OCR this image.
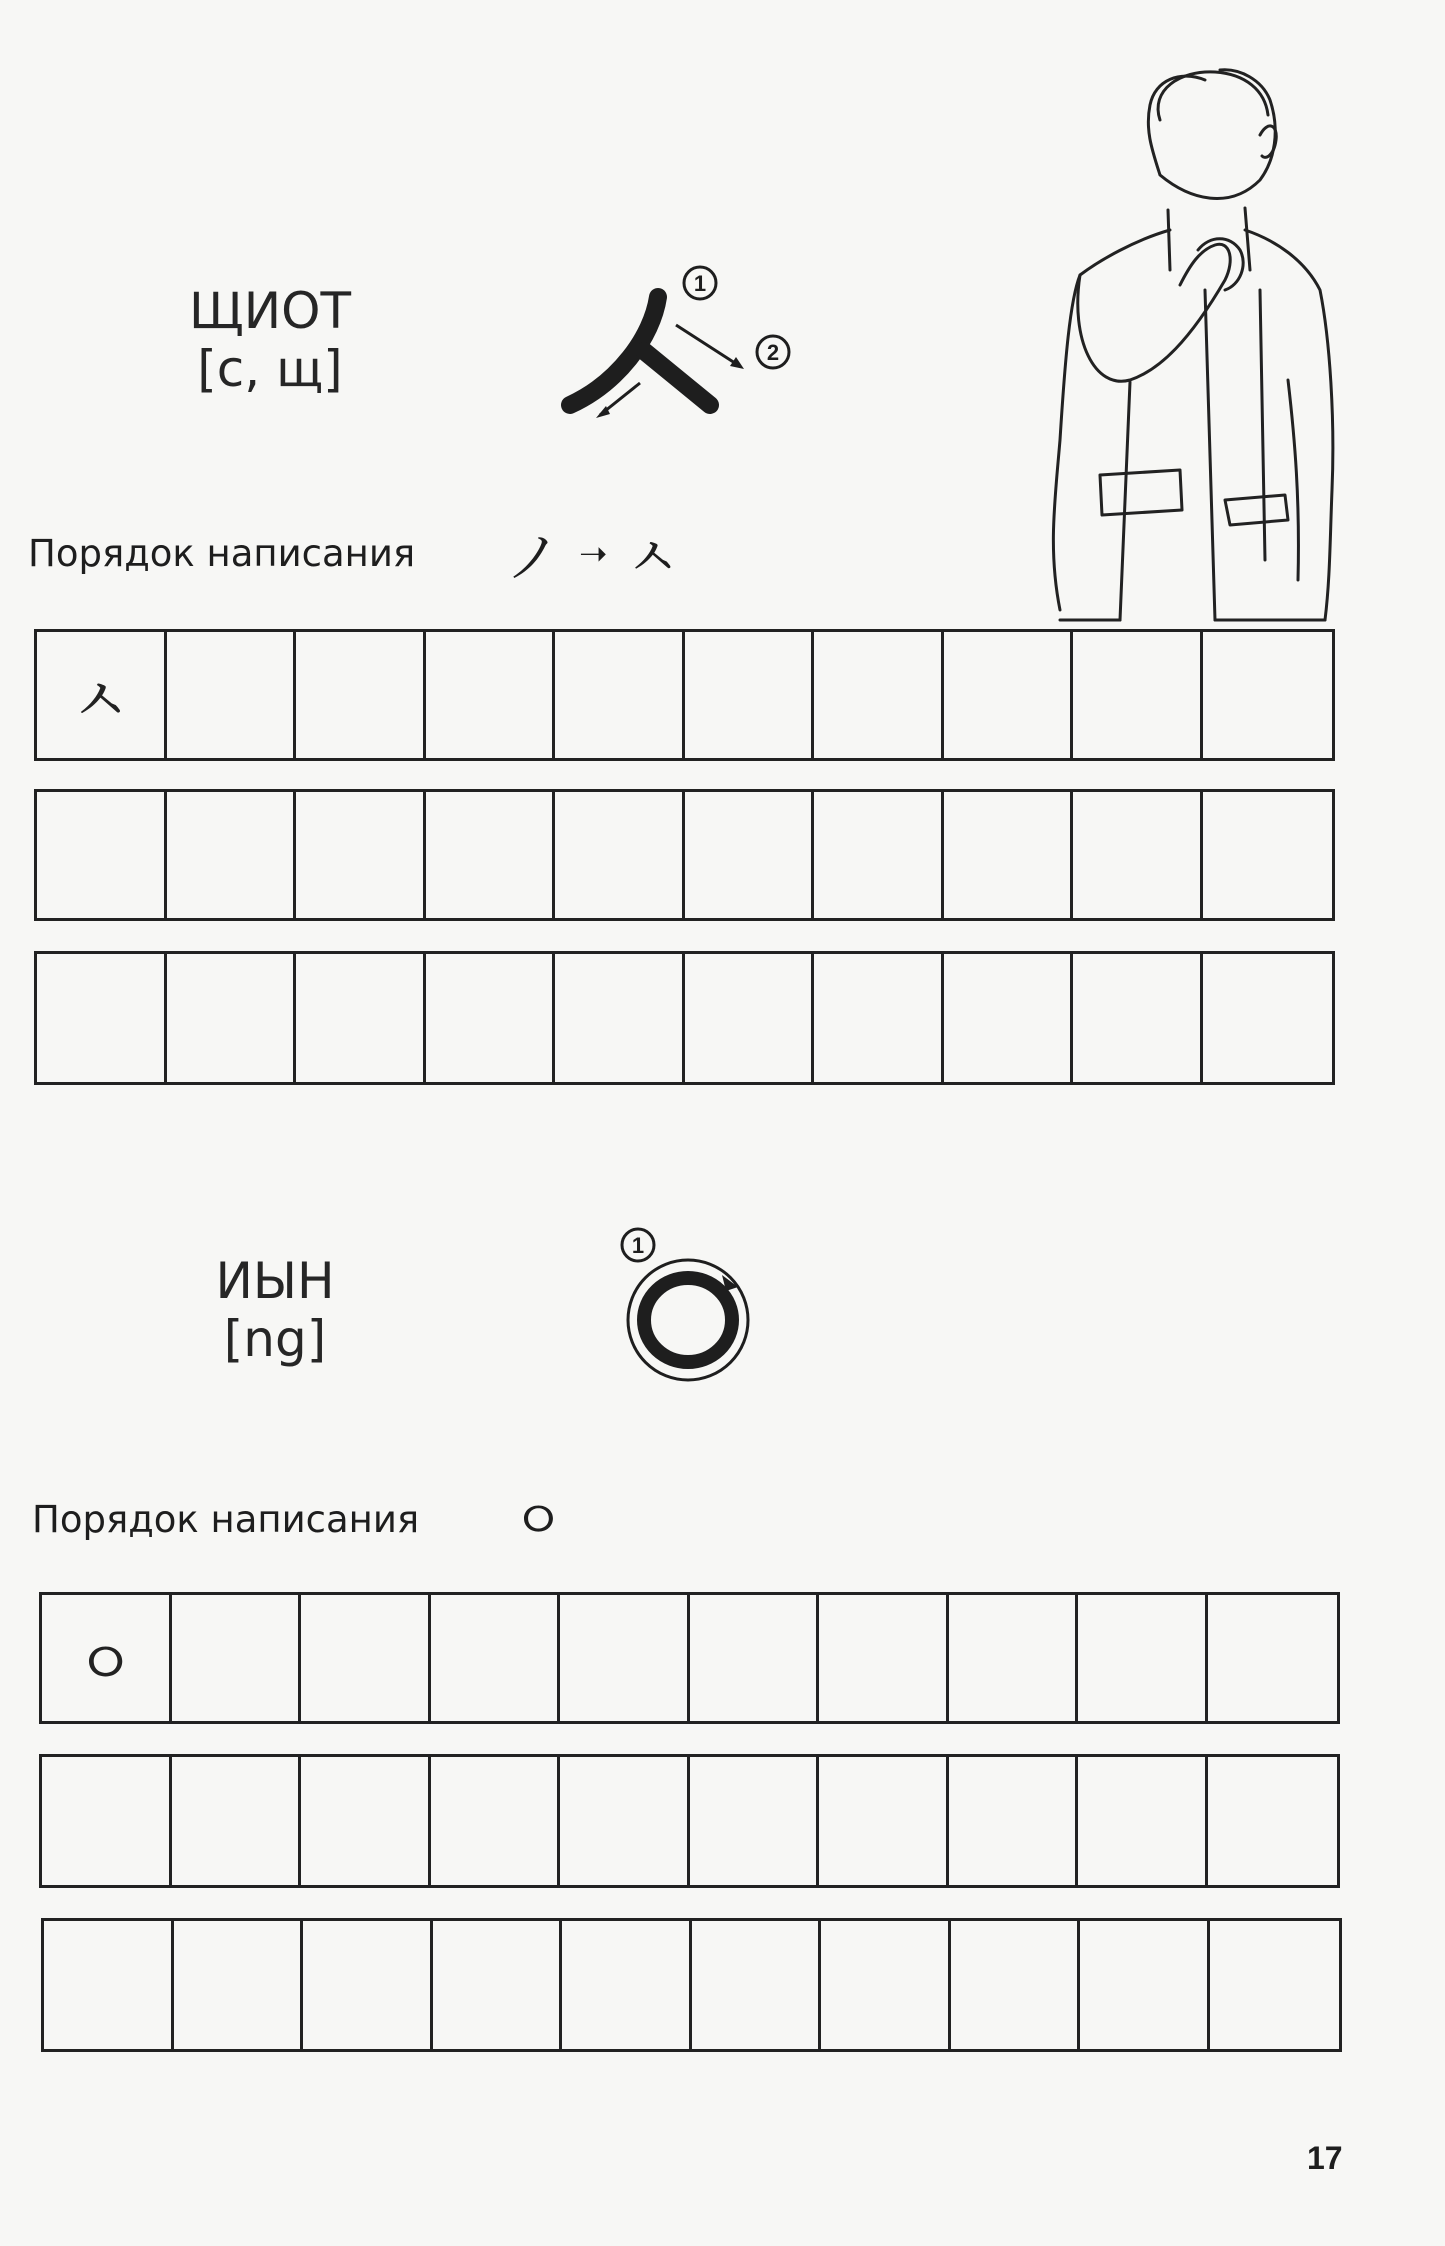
ЩИОТ
[с, щ]
1
2
Порядок написания ノ ➝ ㅅ
ㅅ
ИЫН
[ng]
1
Порядок написания ㅇ
ㅇ
17
